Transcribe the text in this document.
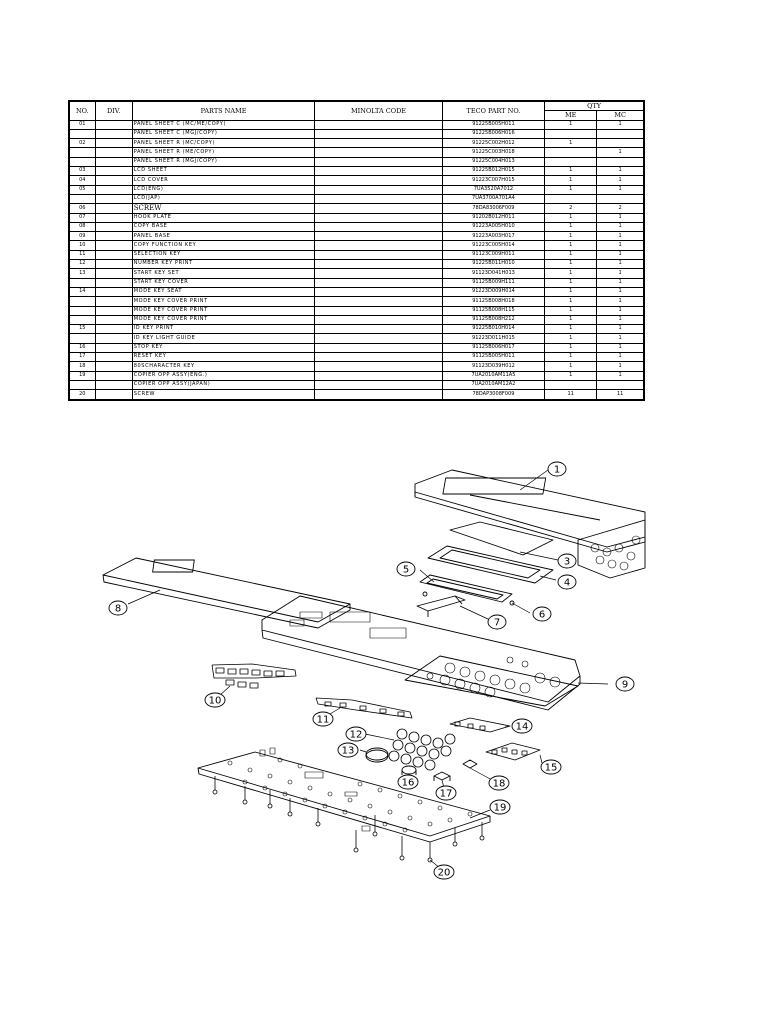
NO.	DIV.	PARTS NAME	MINOLTA CODE	TECO PART NO.	QTY	
					ME	MC
01		PANEL SHEET C (MC/ME/COPY)		91225B005H011	1	1
		PANEL SHEET C (MGJ/COPY)		91225B006H016		
02		PANEL SHEET R (MC/COPY)		91225C002H012	1	
		PANEL SHEET R (ME/COPY)		91225C003H018		1
		PANEL SHEET R (MGJ/COPY)		91225C004H013		
03		LCD SHEET		91225B012H015	1	1
04		LCD COVER		91223C007H015	1	1
05		LCD(ENG)		7UA3520A7012	1	1
		LCD(JAP)		7UA3700A701A4		
06		SCREW		78DA83006F009	2	2
07		HOOK PLATE		91202B012H011	1	1
08		COPY BASE		91223A005H010	1	1
09		PANEL BASE		91223A003H017	1	1
10		COPY FUNCTION KEY		91223C005H014	1	1
11		SELECTION KEY		91123C009H011	1	1
12		NUMBER KEY PRINT		91225B011H010	1	1
13		START KEY SET		91123D041H013	1	1
		START KEY COVER		91125B009H111	1	1
14		MODE KEY SEAT		91223D009H014	1	1
		MODE KEY COVER PRINT		91125B008H018	1	1
		MODE KEY COVER PRINT		91125B008H115	1	1
		MODE KEY COVER PRINT		91125B008H212	1	1
15		ID KEY PRINT		91225B010H014	1	1
		ID KEY LIGHT GUIDE		91223D011H015	1	1
16		STOP KEY		91125B006H017	1	1
17		RESET KEY		91125B005H011	1	1
18		80SCHARACTER KEY		91123D039H012	1	1
19		COPIER OPP ASSY(ENG.)		7UA2010AM11A5	1	1
		COPIER OPP ASSY(JAPAN)		7UA2010AM12A2		
20		SCREW		78DAP3008F009	11	11
1
3
4
5
6
7
8
9
10
11
12
13
14
15
16
17
18
19
20
